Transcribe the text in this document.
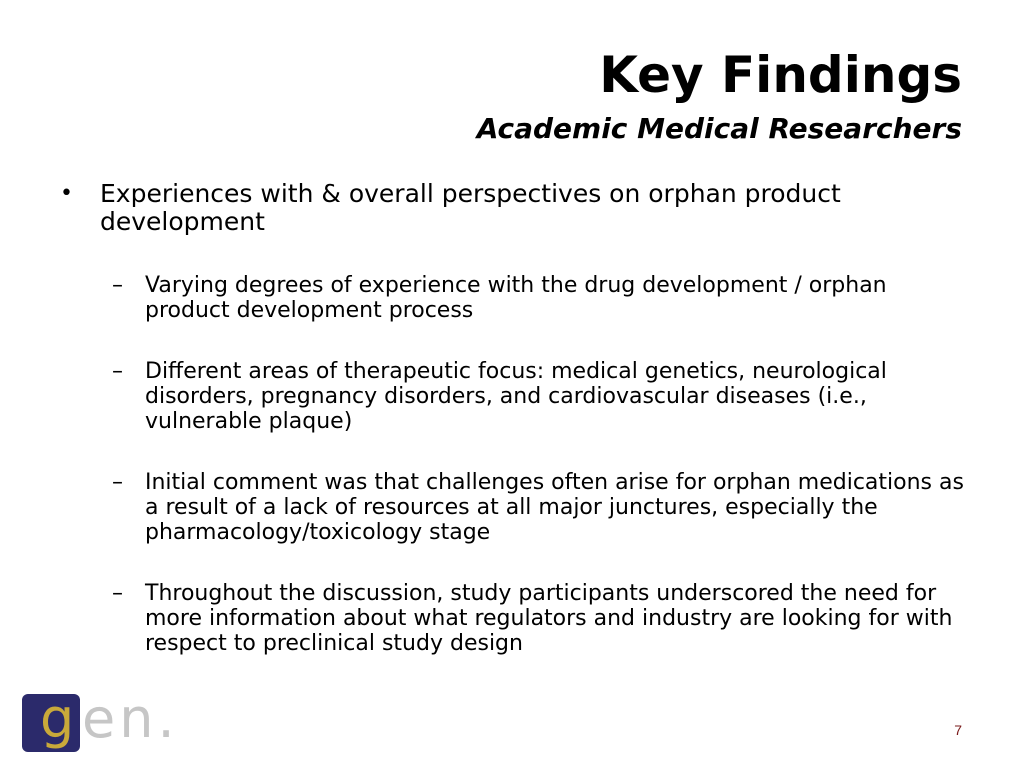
Key Findings
Academic Medical Researchers

• Experiences with & overall perspectives on orphan product development

– Varying degrees of experience with the drug development / orphan product development process
– Different areas of therapeutic focus: medical genetics, neurological disorders, pregnancy disorders, and cardiovascular diseases (i.e., vulnerable plaque)
– Initial comment was that challenges often arise for orphan medications as a result of a lack of resources at all major junctures, especially the pharmacology/toxicology stage
– Throughout the discussion, study participants underscored the need for more information about what regulators and industry are looking for with respect to preclinical study design
g en.	7
